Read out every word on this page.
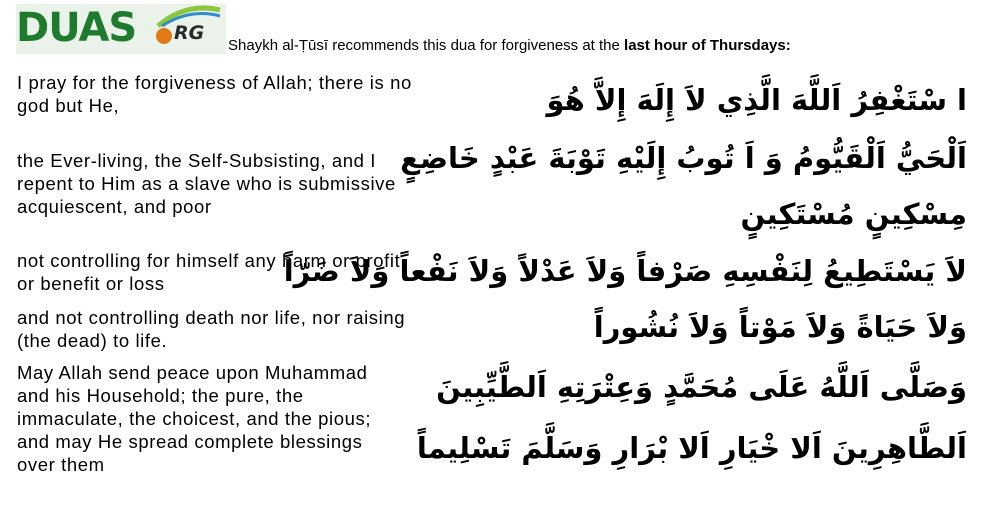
DUAS RG
Shaykh al-Ṭūsī recommends this dua for forgiveness at the last hour of Thursdays:
I pray for the forgiveness of Allah; there is no god but He,
the Ever-living, the Self-Subsisting, and I repent to Him as a slave who is submissive acquiescent, and poor
not controlling for himself any harm or profit, or benefit or loss
and not controlling death nor life, nor raising (the dead) to life.
May Allah send peace upon Muhammad and his Household; the pure, the immaculate, the choicest, and the pious; and may He spread complete blessings over them
ا سْتَغْفِرُ اَللَّهَ الَّذِي لاَ إِلَهَ إِلاَّ هُوَ
اَلْحَيُّ اَلْقَيُّومُ وَ اَ تُوبُ إِلَيْهِ تَوْبَةَ عَبْدٍ خَاضِعٍ
مِسْكِينٍ مُسْتَكِينٍ
لاَ يَسْتَطِيعُ لِنَفْسِهِ صَرْفاً وَلاَ عَدْلاً وَلاَ نَفْعاً وَلاَ ضَرّاً
وَلاَ حَيَاةً وَلاَ مَوْتاً وَلاَ نُشُوراً
وَصَلَّى اَللَّهُ عَلَى مُحَمَّدٍ وَعِتْرَتِهِ اَلطَّيِّبِينَ
اَلطَّاهِرِينَ اَلا خْيَارِ اَلا بْرَارِ وَسَلَّمَ تَسْلِيماً
